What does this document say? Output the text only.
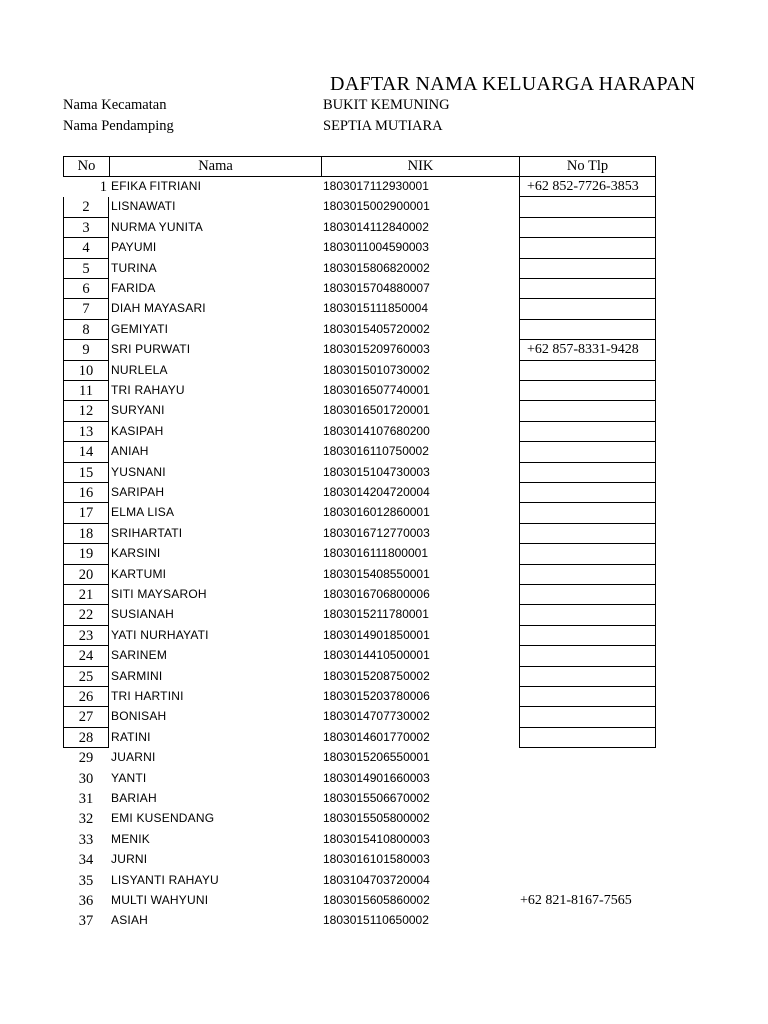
DAFTAR NAMA KELUARGA HARAPAN
Nama Kecamatan	BUKIT KEMUNING
Nama Pendamping	SEPTIA MUTIARA
No	Nama	NIK	No Tlp
1 EFIKA FITRIANI	1803017112930001	+62 852-7726-3853
2	LISNAWATI	1803015002900001
3	NURMA YUNITA	1803014112840002
4	PAYUMI	1803011004590003
5	TURINA	1803015806820002
6	FARIDA	1803015704880007
7	DIAH MAYASARI	1803015111850004
8	GEMIYATI	1803015405720002
9	SRI PURWATI	1803015209760003	+62 857-8331-9428
10	NURLELA	1803015010730002
11	TRI RAHAYU	1803016507740001
12	SURYANI	1803016501720001
13	KASIPAH	1803014107680200
14	ANIAH	1803016110750002
15	YUSNANI	1803015104730003
16	SARIPAH	1803014204720004
17	ELMA LISA	1803016012860001
18	SRIHARTATI	1803016712770003
19	KARSINI	1803016111800001
20	KARTUMI	1803015408550001
21	SITI MAYSAROH	1803016706800006
22	SUSIANAH	1803015211780001
23	YATI NURHAYATI	1803014901850001
24	SARINEM	1803014410500001
25	SARMINI	1803015208750002
26	TRI HARTINI	1803015203780006
27	BONISAH	1803014707730002
28	RATINI	1803014601770002
29	JUARNI	1803015206550001
30	YANTI	1803014901660003
31	BARIAH	1803015506670002
32	EMI KUSENDANG	1803015505800002
33	MENIK	1803015410800003
34	JURNI	1803016101580003
35	LISYANTI RAHAYU	1803104703720004
36	MULTI WAHYUNI	1803015605860002	+62 821-8167-7565
37	ASIAH	1803015110650002
